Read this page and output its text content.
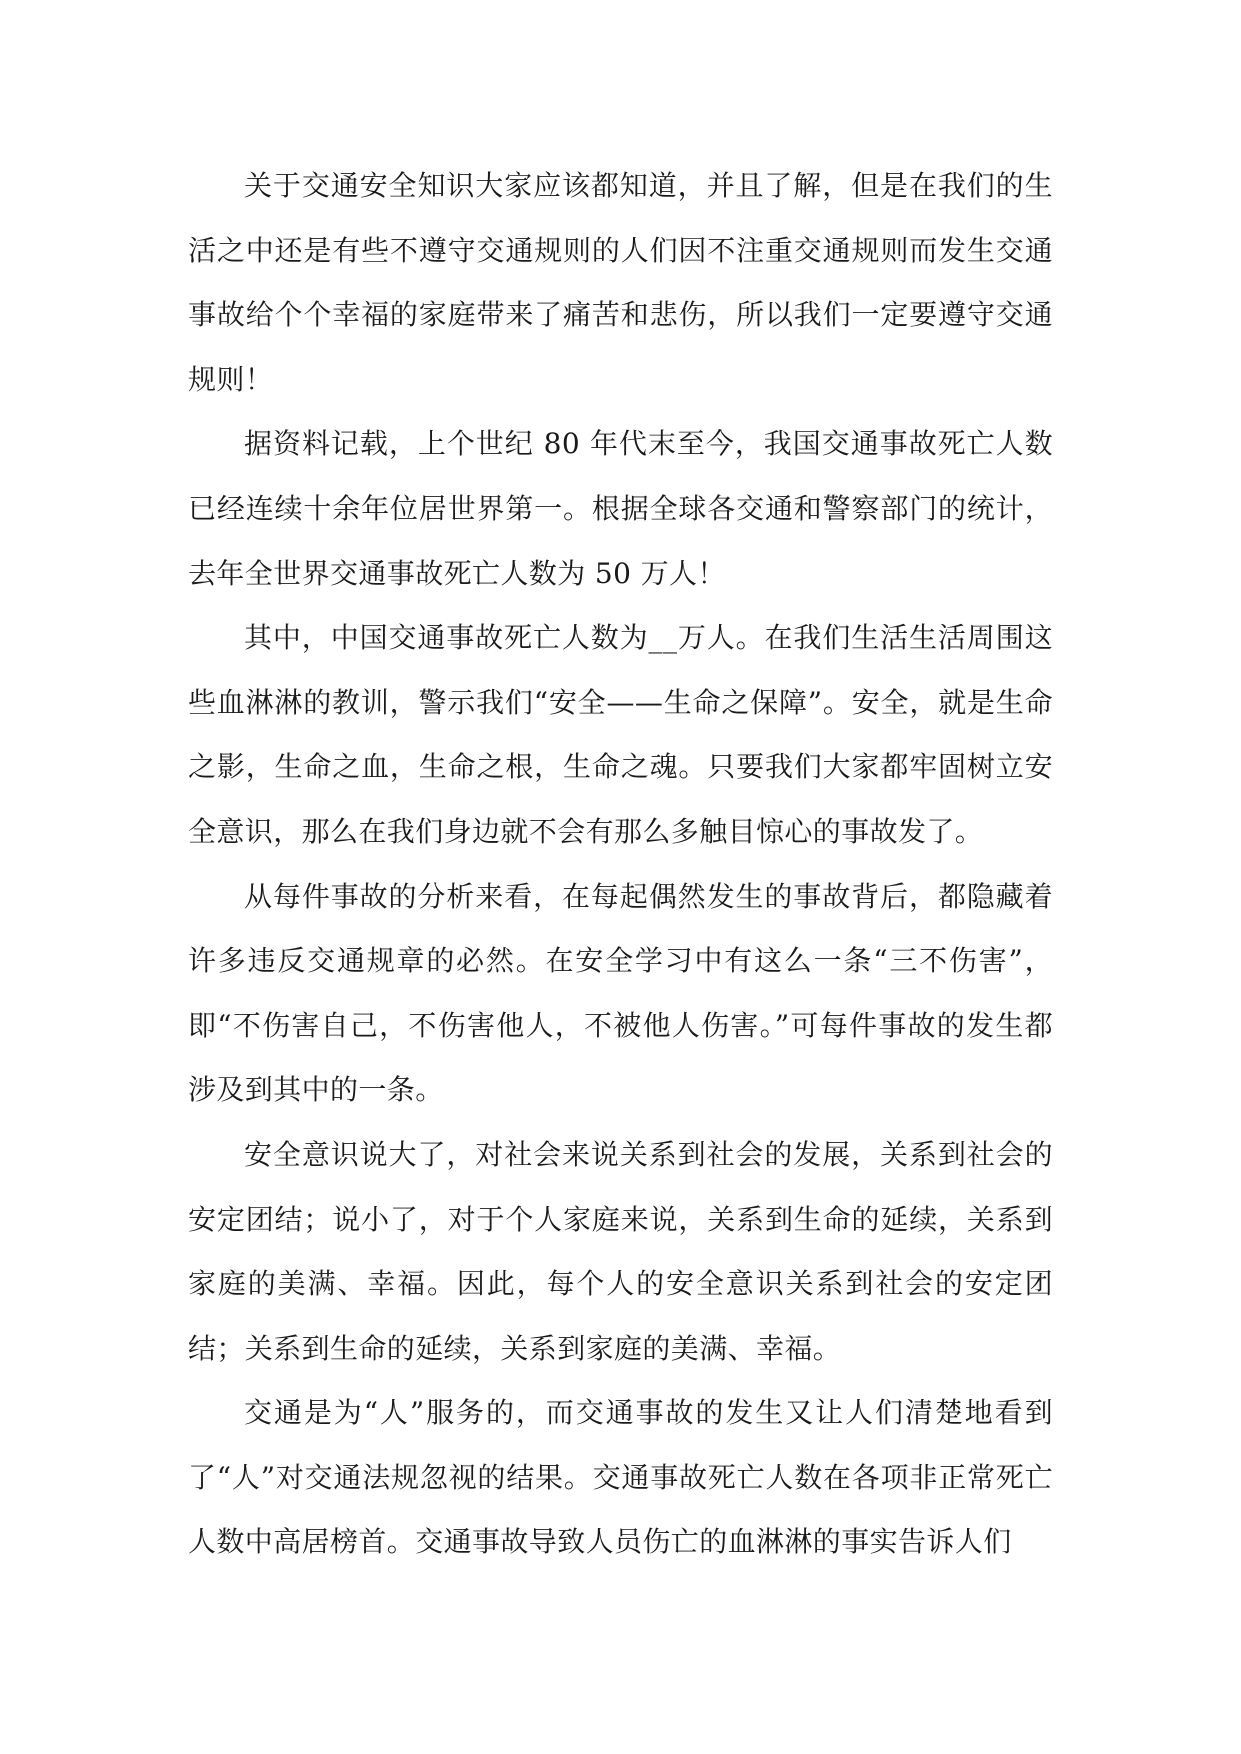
关于交通安全知识大家应该都知道，并且了解，但是在我们的生活之中还是有些不遵守交通规则的人们因不注重交通规则而发生交通事故给个个幸福的家庭带来了痛苦和悲伤，所以我们一定要遵守交通规则！

据资料记载，上个世纪 80 年代末至今，我国交通事故死亡人数已经连续十余年位居世界第一。根据全球各交通和警察部门的统计，去年全世界交通事故死亡人数为 50 万人！

其中，中国交通事故死亡人数为__万人。在我们生活生活周围这些血淋淋的教训，警示我们“安全——生命之保障”。安全，就是生命之影，生命之血，生命之根，生命之魂。只要我们大家都牢固树立安全意识，那么在我们身边就不会有那么多触目惊心的事故发了。

从每件事故的分析来看，在每起偶然发生的事故背后，都隐藏着许多违反交通规章的必然。在安全学习中有这么一条“三不伤害”，即“不伤害自己，不伤害他人，不被他人伤害。”可每件事故的发生都涉及到其中的一条。

安全意识说大了，对社会来说关系到社会的发展，关系到社会的安定团结；说小了，对于个人家庭来说，关系到生命的延续，关系到家庭的美满、幸福。因此，每个人的安全意识关系到社会的安定团结；关系到生命的延续，关系到家庭的美满、幸福。

交通是为“人”服务的，而交通事故的发生又让人们清楚地看到了“人”对交通法规忽视的结果。交通事故死亡人数在各项非正常死亡人数中高居榜首。交通事故导致人员伤亡的血淋淋的事实告诉人们
